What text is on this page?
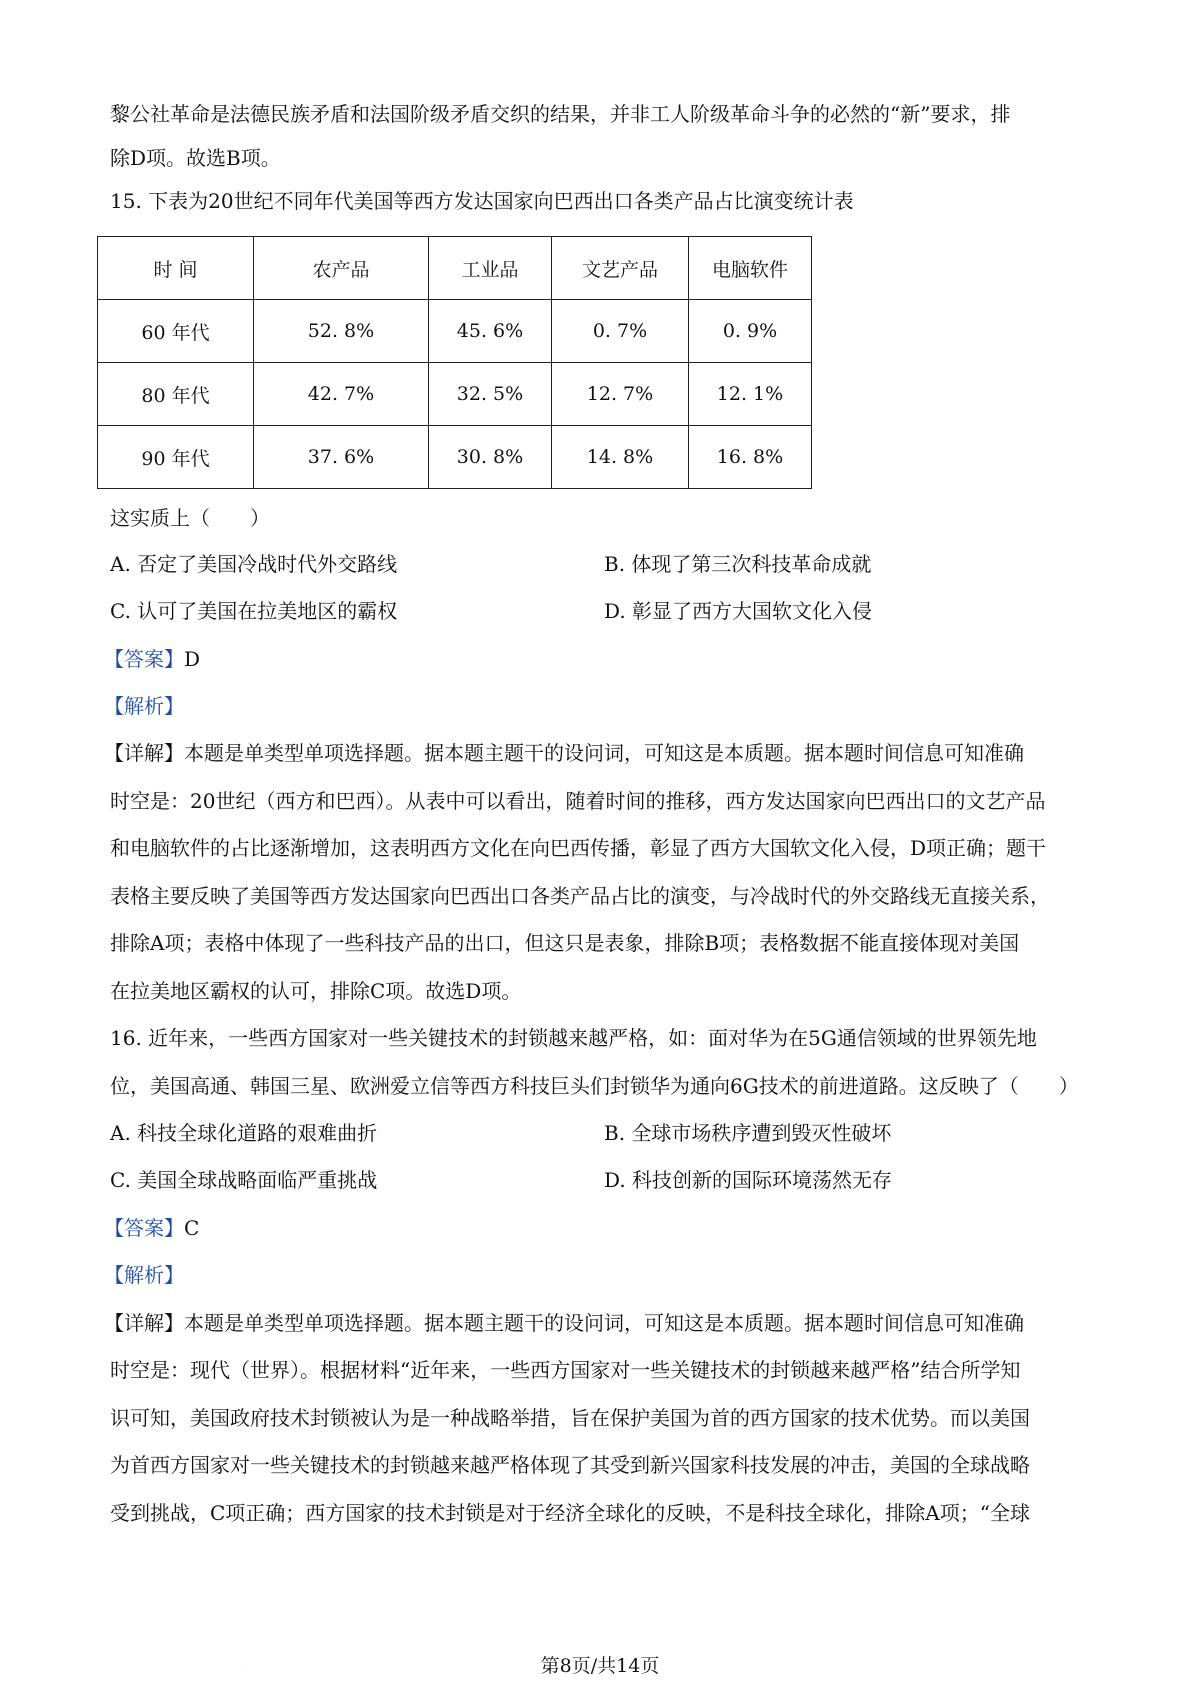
黎公社革命是法德民族矛盾和法国阶级矛盾交织的结果，并非工人阶级革命斗争的必然的“新”要求，排
除D项。故选B项。
15. 下表为20世纪不同年代美国等西方发达国家向巴西出口各类产品占比演变统计表
时 间	农产品	工业品	文艺产品	电脑软件
60 年代	52. 8%	45. 6%	0. 7%	0. 9%
80 年代	42. 7%	32. 5%	12. 7%	12. 1%
90 年代	37. 6%	30. 8%	14. 8%	16. 8%
这实质上（　　）
A. 否定了美国冷战时代外交路线	B. 体现了第三次科技革命成就
C. 认可了美国在拉美地区的霸权	D. 彰显了西方大国软文化入侵
【答案】D
【解析】
【详解】本题是单类型单项选择题。据本题主题干的设问词，可知这是本质题。据本题时间信息可知准确
时空是：20世纪（西方和巴西）。从表中可以看出，随着时间的推移，西方发达国家向巴西出口的文艺产品
和电脑软件的占比逐渐增加，这表明西方文化在向巴西传播，彰显了西方大国软文化入侵，D项正确；题干
表格主要反映了美国等西方发达国家向巴西出口各类产品占比的演变，与冷战时代的外交路线无直接关系，
排除A项；表格中体现了一些科技产品的出口，但这只是表象，排除B项；表格数据不能直接体现对美国
在拉美地区霸权的认可，排除C项。故选D项。
16. 近年来，一些西方国家对一些关键技术的封锁越来越严格，如：面对华为在5G通信领域的世界领先地
位，美国高通、韩国三星、欧洲爱立信等西方科技巨头们封锁华为通向6G技术的前进道路。这反映了（　　）
A. 科技全球化道路的艰难曲折	B. 全球市场秩序遭到毁灭性破坏
C. 美国全球战略面临严重挑战	D. 科技创新的国际环境荡然无存
【答案】C
【解析】
【详解】本题是单类型单项选择题。据本题主题干的设问词，可知这是本质题。据本题时间信息可知准确
时空是：现代（世界）。根据材料“近年来，一些西方国家对一些关键技术的封锁越来越严格”结合所学知
识可知，美国政府技术封锁被认为是一种战略举措，旨在保护美国为首的西方国家的技术优势。而以美国
为首西方国家对一些关键技术的封锁越来越严格体现了其受到新兴国家科技发展的冲击，美国的全球战略
受到挑战，C项正确；西方国家的技术封锁是对于经济全球化的反映，不是科技全球化，排除A项；“全球
·	第8页/共14页
